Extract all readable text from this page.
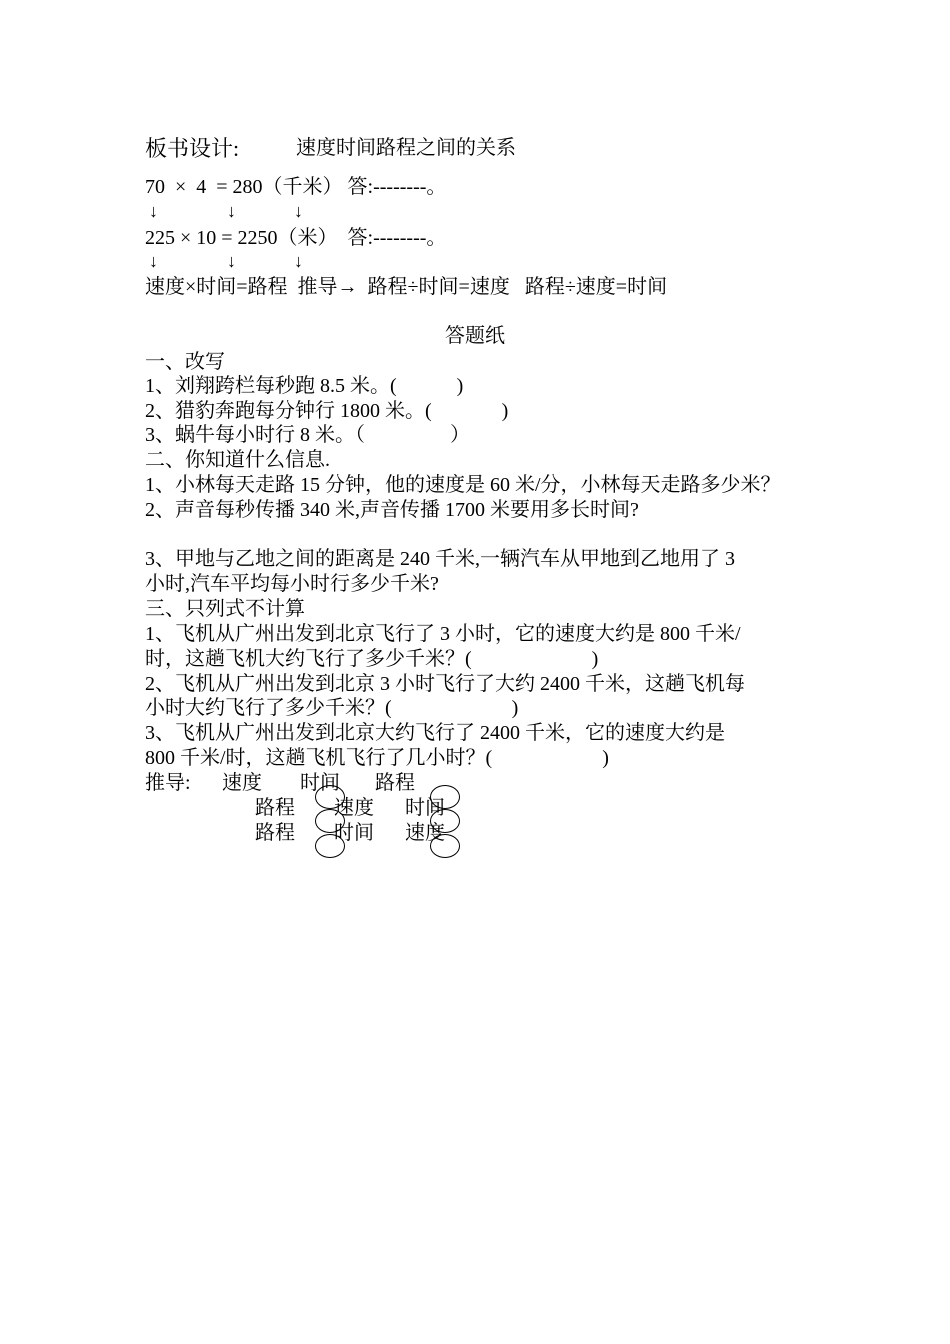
板书设计:	速度时间路程之间的关系
70  ×  4  = 280（千米） 答:--------。
↓	↓	↓
225 × 10 = 2250（米）  答:--------。
↓	↓	↓
速度×时间=路程  推导→  路程÷时间=速度   路程÷速度=时间
答题纸
一、改写
1、刘翔跨栏每秒跑 8.5 米。(            )
2、猎豹奔跑每分钟行 1800 米。(              )
3、蜗牛每小时行 8 米。（                 ）
二、你知道什么信息.
1、小林每天走路 15 分钟，他的速度是 60 米/分，小林每天走路多少米？
2、声音每秒传播 340 米,声音传播 1700 米要用多长时间?
3、甲地与乙地之间的距离是 240 千米,一辆汽车从甲地到乙地用了 3
小时,汽车平均每小时行多少千米?
三、只列式不计算
1、飞机从广州出发到北京飞行了 3 小时，它的速度大约是 800 千米/
时，这趟飞机大约飞行了多少千米？(                        )
2、飞机从广州出发到北京 3 小时飞行了大约 2400 千米，这趟飞机每
小时大约飞行了多少千米？(                        )
3、飞机从广州出发到北京大约飞行了 2400 千米，它的速度大约是
800 千米/时，这趟飞机飞行了几小时？(                      )
推导: 速度 时间 路程
路程 速度 时间
路程 时间 速度
